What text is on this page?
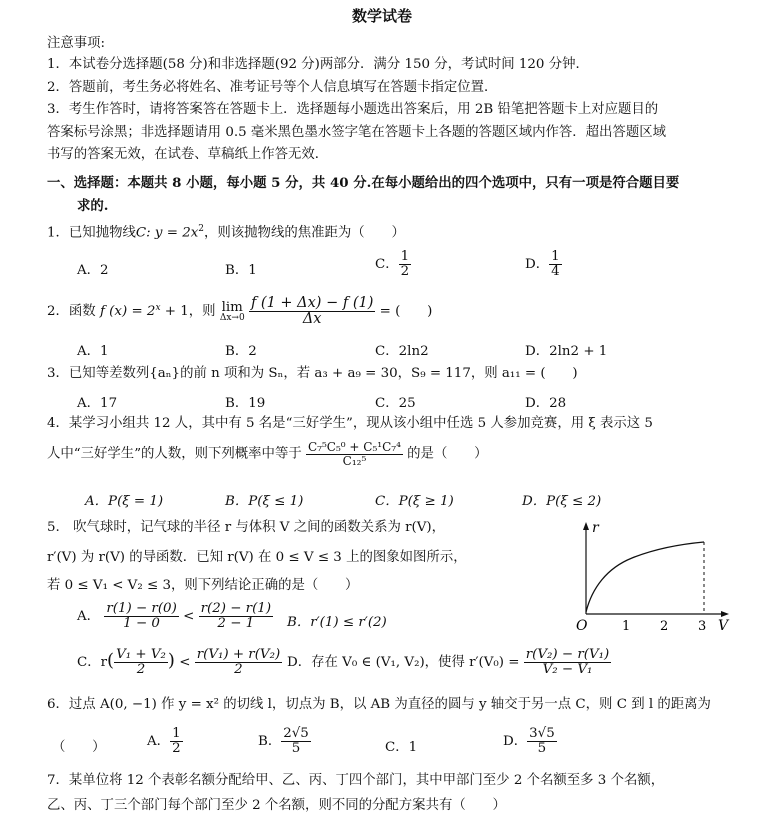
数学试卷
注意事项:
1．本试卷分选择题(58 分)和非选择题(92 分)两部分．满分 150 分，考试时间 120 分钟．
2．答题前，考生务必将姓名、准考证号等个人信息填写在答题卡指定位置．
3．考生作答时，请将答案答在答题卡上．选择题每小题选出答案后，用 2B 铅笔把答题卡上对应题目的
答案标号涂黑；非选择题请用 0.5 毫米黑色墨水签字笔在答题卡上各题的答题区域内作答．超出答题区域
书写的答案无效，在试卷、草稿纸上作答无效．
一、选择题：本题共 8 小题，每小题 5 分，共 40 分.在每小题给出的四个选项中，只有一项是符合题目要
求的.
1．已知抛物线C: $y = 2x^2$，则该抛物线的焦准距为（　　）
A．2	B．1	C． $\frac{1}{2}$	D． $\frac{1}{4}$
2．函数 f $(x) = 2^x + 1$，则 lim
Δx→0
$\frac{f (1 + \Delta x) - f (1)}{\Delta x}$ = (　　)
A．1	B．2	C．2ln2	D．2ln2 + 1
3．已知等差数列{aₙ}的前 n 项和为 Sₙ，若 a₃ + a₉ = 30，S₉ = 117，则 a₁₁ = (　　)
A．17	B．19	C．25	D．28
4．某学习小组共 12 人，其中有 5 名是“三好学生”，现从该小组中任选 5 人参加竞赛，用 ξ 表示这 5
人中“三好学生”的人数，则下列概率中等于 $\frac{\text{C₇⁵C₅⁰ + C₅¹C₇⁴}}{\text{C₁₂⁵}}$ 的是（　　）
A．P(ξ = 1)	B．P(ξ ≤ 1)	C．P(ξ ≥ 1)	D．P(ξ ≤ 2)
5.　吹气球时，记气球的半径 r 与体积 V 之间的函数关系为 r(V)，
r′(V) 为 r(V) 的导函数．已知 r(V) 在 0 ≤ V ≤ 3 上的图象如图所示，
若 0 ≤ V₁ < V₂ ≤ 3，则下列结论正确的是（　　）
A． $\frac{r(1) - r(0)}{1 - 0} < \frac{r(2) - r(1)}{2 - 1}$ B．r′(1) ≤ r′(2)
C．$r( \frac{\text{V₁ + V₂}}{2}$ ) < $\frac{\text{r(V₁) + r(V₂)}}{2}$ D．存在 V₀ ∈ (V₁, V₂)，使得 $r'(V_0) = \frac{\text{r(V₂) − r(V₁)}}{\text{V₂ − V₁}}$
r
O	1 2 3 V
6．过点 A(0, −1) 作 y = x² 的切线 l，切点为 B，以 AB 为直径的圆与 y 轴交于另一点 C，则 C 到 l 的距离为
（　　）	A． $\frac{1}{2}$	B． $\frac{2√5}{5}$	C．1	D． $\frac{3√5}{5}$
7．某单位将 12 个表彰名额分配给甲、乙、丙、丁四个部门，其中甲部门至少 2 个名额至多 3 个名额，
乙、丙、丁三个部门每个部门至少 2 个名额，则不同的分配方案共有（　　）
